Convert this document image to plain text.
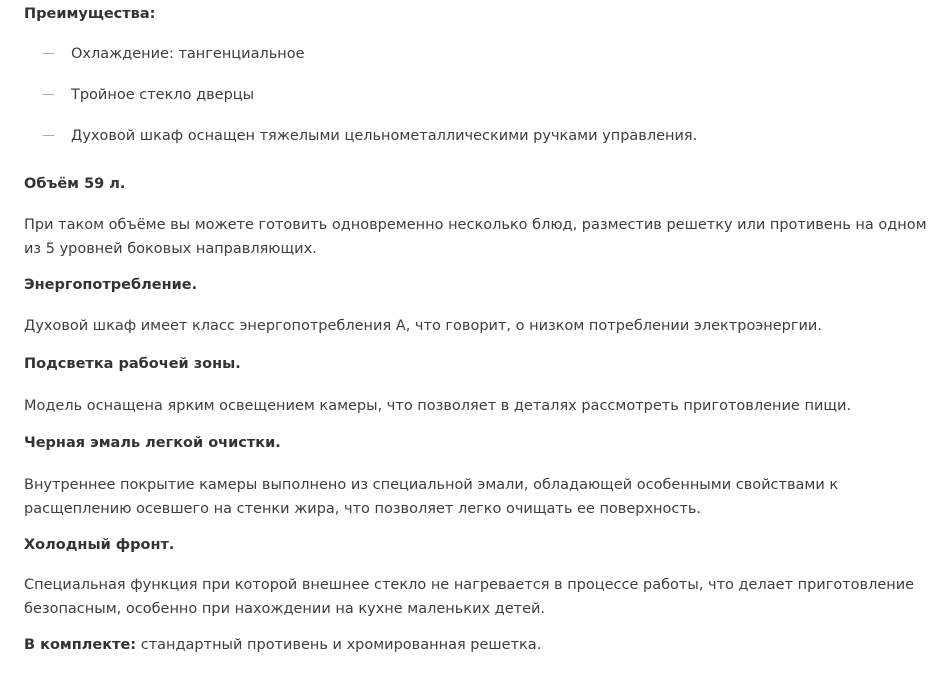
Преимущества:
— Охлаждение: тангенциальное
— Тройное стекло дверцы
— Духовой шкаф оснащен тяжелыми цельнометаллическими ручками управления.
Объём 59 л.
При таком объёме вы можете готовить одновременно несколько блюд, разместив решетку или противень на одном из 5 уровней боковых направляющих.
Энергопотребление.
Духовой шкаф имеет класс энергопотребления А, что говорит, о низком потреблении электроэнергии.
Подсветка рабочей зоны.
Модель оснащена ярким освещением камеры, что позволяет в деталях рассмотреть приготовление пищи.
Черная эмаль легкой очистки.
Внутреннее покрытие камеры выполнено из специальной эмали, обладающей особенными свойствами к расщеплению осевшего на стенки жира, что позволяет легко очищать ее поверхность.
Холодный фронт.
Специальная функция при которой внешнее стекло не нагревается в процессе работы, что делает приготовление безопасным, особенно при нахождении на кухне маленьких детей.
В комплекте: стандартный противень и хромированная решетка.
